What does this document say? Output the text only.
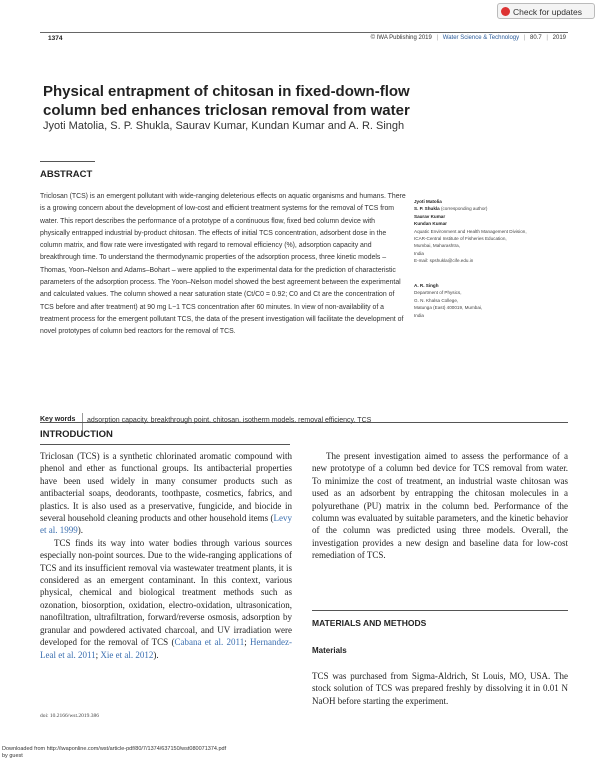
Check for updates
1374	© IWA Publishing 2019 | Water Science & Technology | 80.7 | 2019
Physical entrapment of chitosan in fixed-down-flow column bed enhances triclosan removal from water
Jyoti Matolia, S. P. Shukla, Saurav Kumar, Kundan Kumar and A. R. Singh
ABSTRACT
Triclosan (TCS) is an emergent pollutant with wide-ranging deleterious effects on aquatic organisms and humans. There is a growing concern about the development of low-cost and efficient treatment systems for the removal of TCS from water. This report describes the performance of a prototype of a continuous flow, fixed bed column device with physically entrapped industrial by-product chitosan. The effects of initial TCS concentration, adsorbent dose in the column matrix, and flow rate were investigated with regard to removal efficiency (%), adsorption capacity and breakthrough time. To understand the thermodynamic properties of the adsorption process, three kinetic models – Thomas, Yoon–Nelson and Adams–Bohart – were applied to the experimental data for the prediction of characteristic parameters of the adsorption process. The Yoon–Nelson model showed the best agreement between the experimental and calculated values. The column showed a near saturation state (Ct/C0 = 0.92; C0 and Ct are the concentration of TCS before and after treatment) at 90 mg L−1 TCS concentration after 60 minutes. In view of non-availability of a treatment process for the emergent pollutant TCS, the data of the present investigation will facilitate the development of novel prototypes of column bed reactors for the removal of TCS.
Key words adsorption capacity, breakthrough point, chitosan, isotherm models, removal efficiency, TCS
Jyoti Matolia
S. P. Shukla (corresponding author)
Saurav Kumar
Kundan Kumar
Aquatic Environment and Health Management Division,
ICAR-Central Institute of Fisheries Education,
Mumbai, Maharashtra,
India
E-mail: spshukla@cife.edu.in
A. R. Singh
Department of Physics,
G. N. Khalsa College,
Matunga (East) 400019, Mumbai,
India
INTRODUCTION

Triclosan (TCS) is a synthetic chlorinated aromatic compound with phenol and ether as functional groups. Its antibacterial properties have been used widely in many consumer products such as antibacterial soaps, deodorants, toothpaste, cosmetics, fabrics, and plastics. It is also used as a preservative, fungicide, and biocide in several household cleaning products and other household items (Levy et al. 1999).

TCS finds its way into water bodies through various sources especially non-point sources. Due to the wide-ranging applications of TCS and its insufficient removal via wastewater treatment plants, it is considered as an emergent contaminant. In this context, various physical, chemical and biological treatment methods such as ozonation, biosorption, oxidation, electro-oxidation, ultrasonication, nanofiltration, ultrafiltration, forward/reverse osmosis, adsorption by granular and powdered activated charcoal, and UV irradiation were developed for the removal of TCS (Cabana et al. 2011; Hernandez-Leal et al. 2011; Xie et al. 2012).

doi: 10.2166/wst.2019.386

The present investigation aimed to assess the performance of a new prototype of a column bed device for TCS removal from water. To minimize the cost of treatment, an industrial waste chitosan was used as an adsorbent by entrapping the chitosan molecules in a polyurethane (PU) matrix in the column bed. Performance of the column was evaluated by suitable parameters, and the kinetic behavior of the column was predicted using three models. Overall, the investigation provides a new design and baseline data for low-cost remediation of TCS.

MATERIALS AND METHODS
Materials
TCS was purchased from Sigma-Aldrich, St Louis, MO, USA. The stock solution of TCS was prepared freshly by dissolving it in 0.01 N NaOH before starting the experiment.
Downloaded from http://iwaponline.com/wst/article-pdf/80/7/1374/637150/wst080071374.pdf
by guest
